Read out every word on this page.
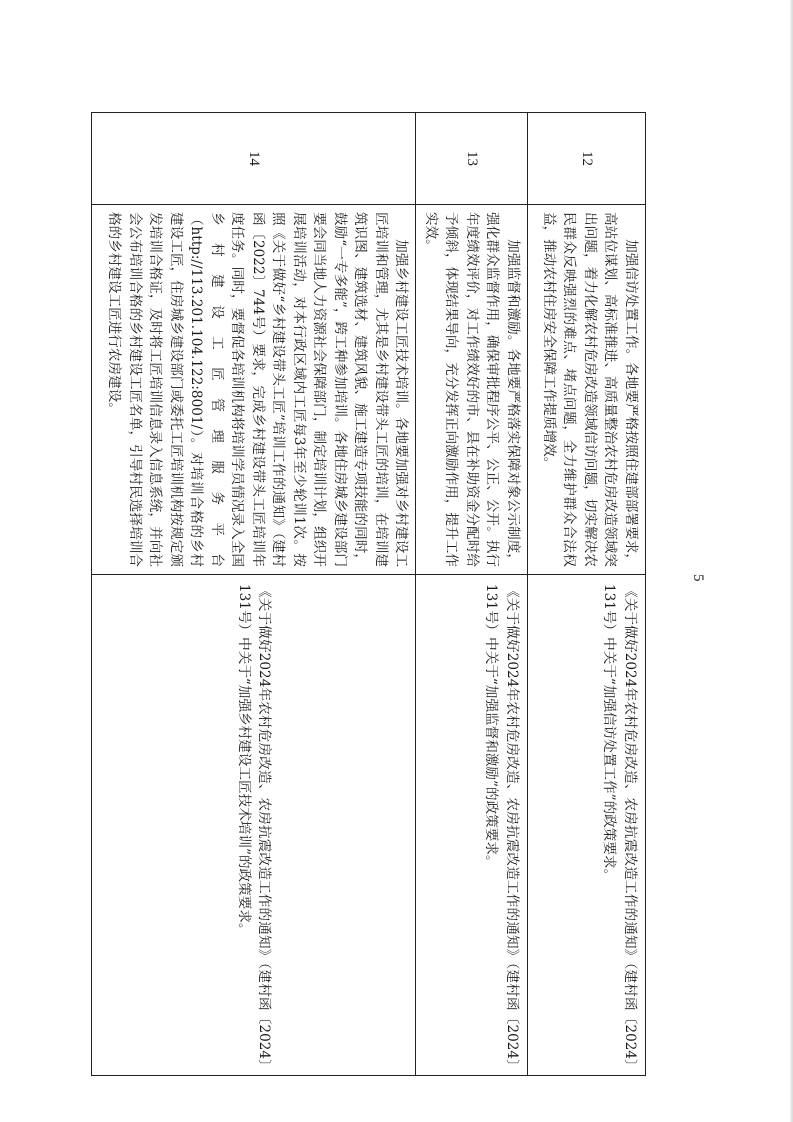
12	加强信访处置工作。各地要严格按照住建部部署要求，高站位谋划、高标准推进、高质量整治农村危房改造领域突出问题，着力化解农村危房改造领域信访问题，切实解决农民群众反映强烈的难点、堵点问题，全力维护群众合法权益，推动农村住房安全保障工作提质增效。	《关于做好2024年农村危房改造、农房抗震改造工作的通知》（建村函〔2024〕131号）中关于“加强信访处置工作”的政策要求。

13	加强监督和激励。各地要严格落实保障对象公示制度，强化群众监督作用，确保审批程序公平、公正、公开。执行年度绩效评价，对工作绩效好的市、县在补助资金分配时给予倾斜，体现结果导向，充分发挥正向激励作用，提升工作实效。	《关于做好2024年农村危房改造、农房抗震改造工作的通知》（建村函〔2024〕131号）中关于“加强监督和激励”的政策要求。

14	加强乡村建设工匠技术培训。各地要加强对乡村建设工匠培训和管理，尤其是乡村建设带头工匠的培训，在培训建筑识图、建筑选材、建筑风貌、施工建造专项技能的同时，鼓励“一专多能”，跨工种参加培训。各地住房城乡建设部门要会同当地人力资源社会保障部门，制定培训计划，组织开展培训活动，对本行政区域内工匠每3年至少轮训1次。按照《关于做好“乡村建设带头工匠”培训工作的通知》（建村函〔2022〕744号）要求，完成乡村建设带头工匠培训年度任务。同时，要督促各培训机构将培训学员情况录入全国乡村建设工匠管理服务平台（http://113.201.104.122:8001/）。对培训合格的乡村建设工匠，住房城乡建设部门或委托工匠培训机构按规定颁发培训合格证，及时将工匠培训信息录入信息系统，并向社会公布培训合格的乡村建设工匠名单，引导村民选择培训合格的乡村建设工匠进行农房建设。	《关于做好2024年农村危房改造、农房抗震改造工作的通知》（建村函〔2024〕131号）中关于“加强乡村建设工匠技术培训”的政策要求。
5
